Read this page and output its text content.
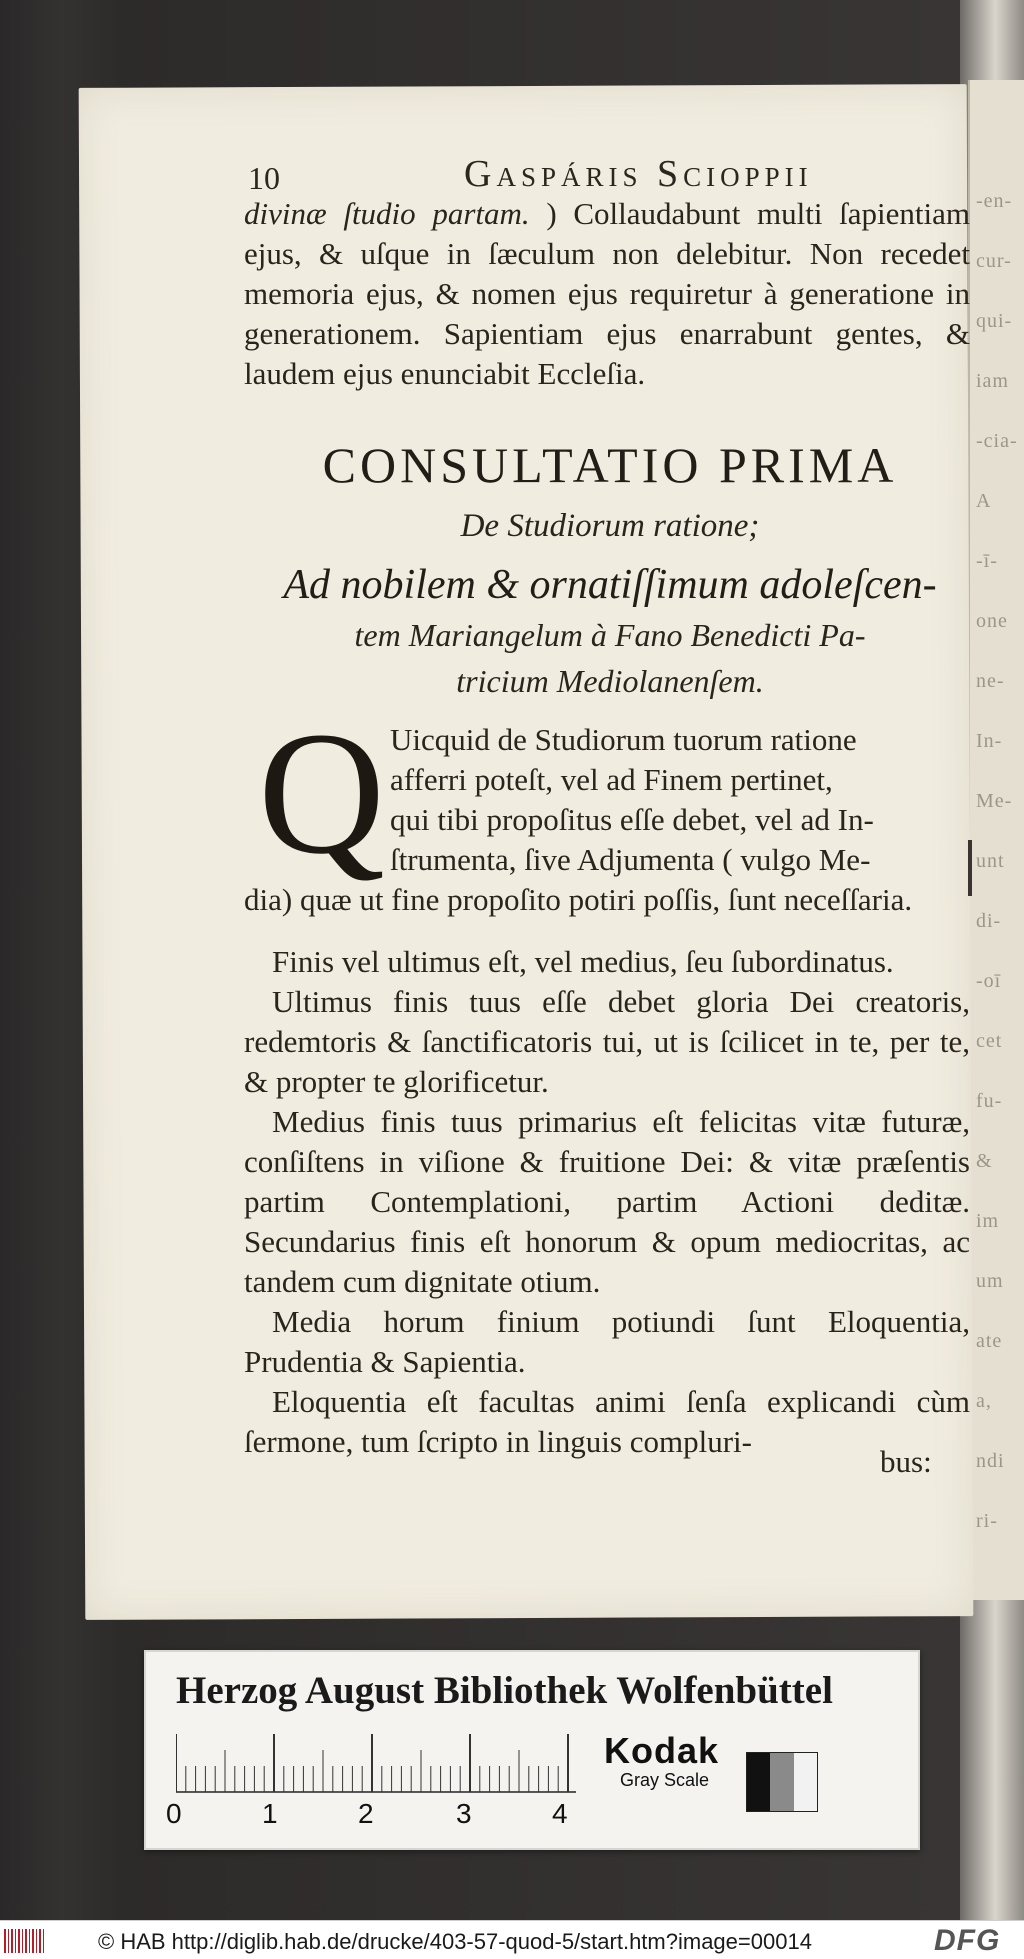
-en-
cur-
qui-
iam
-cia-
A
-ī-
one
ne-
In-
Me-
unt
di-
-oī
cet
fu-
&
im
um
ate
a,
ndi
ri-
10	Gaspáris Scioppii
divinæ ſtudio partam. ) Collaudabunt multi ſapientiam ejus, & uſque in ſæculum non delebitur. Non recedet memoria ejus, & nomen ejus requiretur à generatione in generationem. Sapientiam ejus enarrabunt gentes, & laudem ejus enunciabit Eccleſia.
CONSULTATIO PRIMA
De Studiorum ratione;
Ad nobilem & ornatiſſimum adoleſcen-
tem Mariangelum à Fano Benedicti Pa-
tricium Mediolanenſem.
Q Uicquid de Studiorum tuorum ratione
afferri poteſt, vel ad Finem pertinet,
qui tibi propoſitus eſſe debet, vel ad In-
ſtrumenta, ſive Adjumenta ( vulgo Me-
dia) quæ ut fine propoſito potiri poſſis, ſunt neceſſaria.

Finis vel ultimus eſt, vel medius, ſeu ſubordinatus.

Ultimus finis tuus eſſe debet gloria Dei creatoris, redemtoris & ſanctificatoris tui, ut is ſcilicet in te, per te, & propter te glorificetur.

Medius finis tuus primarius eſt felicitas vitæ futuræ, conſiſtens in viſione & fruitione Dei: & vitæ præſentis partim Contemplationi, partim Actioni deditæ. Secundarius finis eſt honorum & opum mediocritas, ac tandem cum dignitate otium.

Media horum finium potiundi ſunt Eloquentia, Prudentia & Sapientia.

Eloquentia eſt facultas animi ſenſa explicandi cùm ſermone, tum ſcripto in linguis compluri-

bus:
Herzog August Bibliothek Wolfenbüttel
0	1	2	3	4
Kodak
Gray Scale
© HAB http://diglib.hab.de/drucke/403-57-quod-5/start.htm?image=00014	DFG
